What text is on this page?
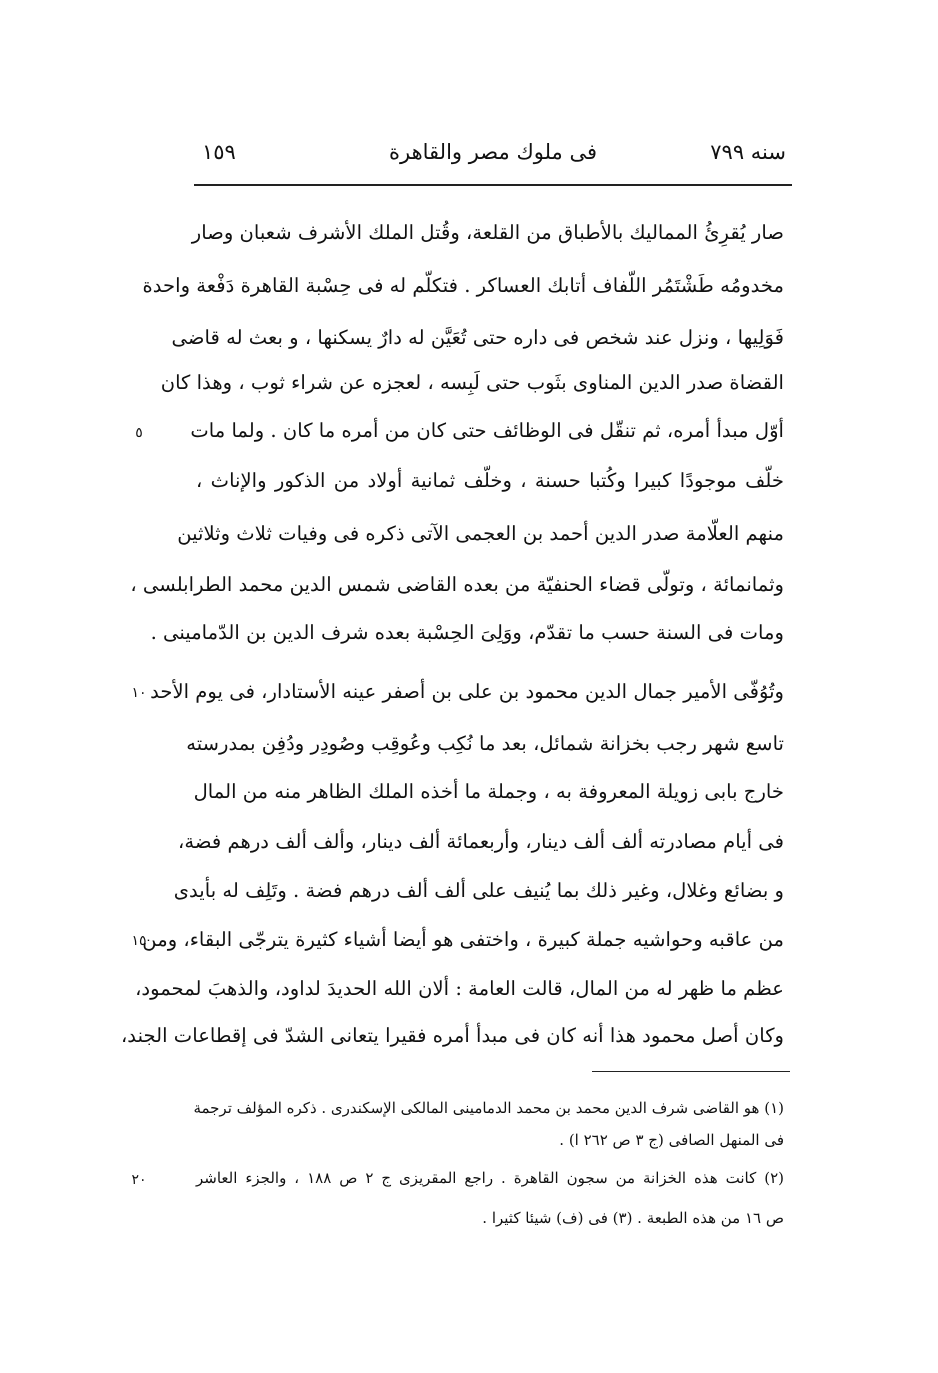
سنه ٧٩٩
فى ملوك مصر والقاهرة
١٥٩
صار يُقرِئُ المماليك بالأطباق من القلعة، وقُتل الملك الأشرف شعبان وصار
مخدومُه طَشْتَمُر اللّفاف أتابك العساكر . فتكلّم له فى حِسْبة القاهرة دَفْعة واحدة
فَوَلِيها ، ونزل عند شخص فى داره حتى تُعَيَّن له دارٌ يسكنها ، و بعث له قاضى
القضاة صدر الدين المناوى بثَوب حتى لَبِسه ، لعجزه عن شراء ثوب ، وهذا كان
أوّل مبدأ أمره، ثم تنقّل فى الوظائف حتى كان من أمره ما كان . ولما مات
خلّف موجودًا كبيرا وكُتبا حسنة ، وخلّف ثمانية أولاد من الذكور والإناث ،
منهم العلّامة صدر الدين أحمد بن العجمى الآتى ذكره فى وفيات ثلاث وثلاثين
وثمانمائة ، وتولّى قضاء الحنفيّة من بعده القاضى شمس الدين محمد الطرابلسى ،
ومات فى السنة حسب ما تقدّم، ووَلِىَ الحِسْبة بعده شرف الدين بن الدّمامينى .
وتُوُفّى الأمير جمال الدين محمود بن على بن أصفر عينه الأستادار، فى يوم الأحد
تاسع شهر رجب بخزانة شمائل، بعد ما نُكِب وعُوقِب وصُودِر ودُفِن بمدرسته
خارج بابى زويلة المعروفة به ، وجملة ما أخذه الملك الظاهر منه من المال
فى أيام مصادرته ألف ألف دينار، وأربعمائة ألف دينار، وألف ألف درهم فضة،
و بضائع وغلال، وغير ذلك بما يُنيف على ألف ألف درهم فضة . وتَلِف له بأيدى
من عاقبه وحواشيه جملة كبيرة ، واختفى هو أيضا أشياء كثيرة يترجّى البقاء، ومن
عظم ما ظهر له من المال، قالت العامة : ألان الله الحديدَ لداود، والذهبَ لمحمود،
وكان أصل محمود هذا أنه كان فى مبدأ أمره فقيرا يتعانى الشدّ فى إقطاعات الجند،
(١) هو القاضى شرف الدين محمد بن محمد الدمامينى المالكى الإسكندرى . ذكره المؤلف ترجمة
فى المنهل الصافى (ج ٣ ص ٢٦٢ ا) .
(٢) كانت هذه الخزانة من سجون القاهرة . راجع المقريزى ج ٢ ص ١٨٨ ، والجزء العاشر
ص ١٦ من هذه الطبعة . (٣) فى (ف) شيئا كثيرا .
٥
١٠
١٥
٢٠
